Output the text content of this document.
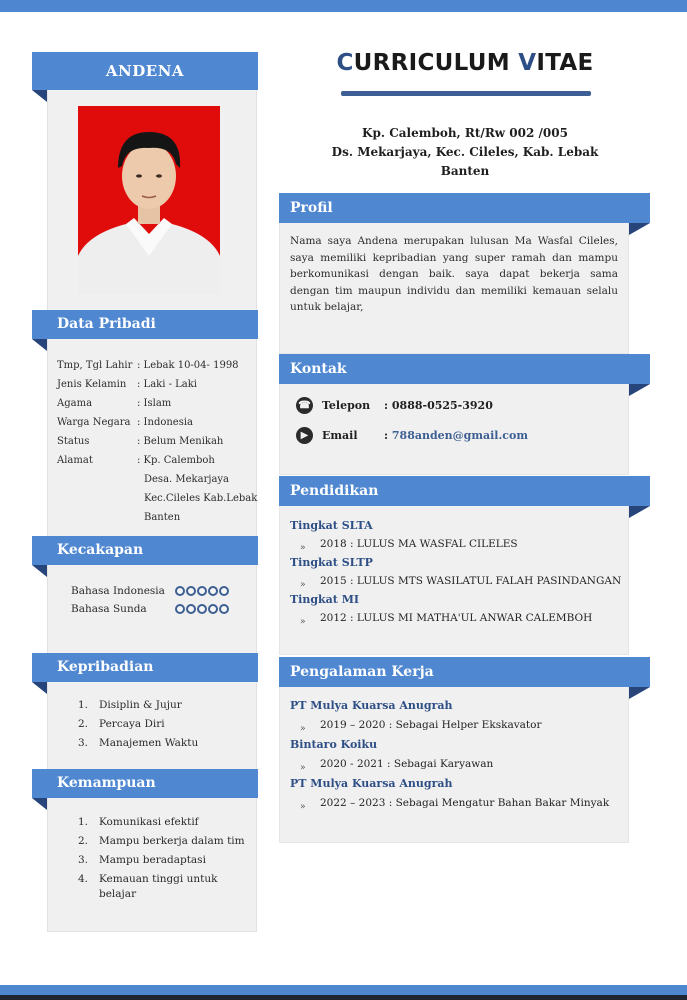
ANDENA
Data Pribadi
Tmp, Tgl Lahir : Lebak 10-04- 1998
Jenis Kelamin	: Laki - Laki
Agama	: Islam
Warga Negara : Indonesia
Status	: Belum Menikah
Alamat	: Kp. Calemboh
Desa. Mekarjaya
Kec.Cileles Kab.Lebak
Banten
Kecakapan
Bahasa Indonesia
Bahasa Sunda
Kepribadian
1.	Disiplin & Jujur
2.	Percaya Diri
3.	Manajemen Waktu
Kemampuan
1.	Komunikasi efektif
2.	Mampu berkerja dalam tim
3.	Mampu beradaptasi
4.	Kemauan tinggi untuk belajar
CURRICULUM VITAE
Kp. Calemboh, Rt/Rw 002 /005
Ds. Mekarjaya, Kec. Cileles, Kab. Lebak
Banten
Profil
Nama saya Andena merupakan lulusan Ma Wasfal Cileles, saya memiliki kepribadian yang super ramah dan mampu berkomunikasi dengan baik. saya dapat bekerja sama dengan tim maupun individu dan memiliki kemauan selalu untuk belajar,
Kontak
☎ Telepon	: 0888-0525-3920
▶	Email	: 788anden@gmail.com
Pendidikan
Tingkat SLTA
»	2018 : LULUS MA WASFAL CILELES
Tingkat SLTP
»	2015 : LULUS MTS WASILATUL FALAH PASINDANGAN
Tingkat MI
»	2012 : LULUS MI MATHA'UL ANWAR CALEMBOH
Pengalaman Kerja
PT Mulya Kuarsa Anugrah
»	2019 – 2020 : Sebagai Helper Ekskavator
Bintaro Koiku
»	2020 - 2021 : Sebagai Karyawan
PT Mulya Kuarsa Anugrah
»	2022 – 2023 : Sebagai Mengatur Bahan Bakar Minyak
